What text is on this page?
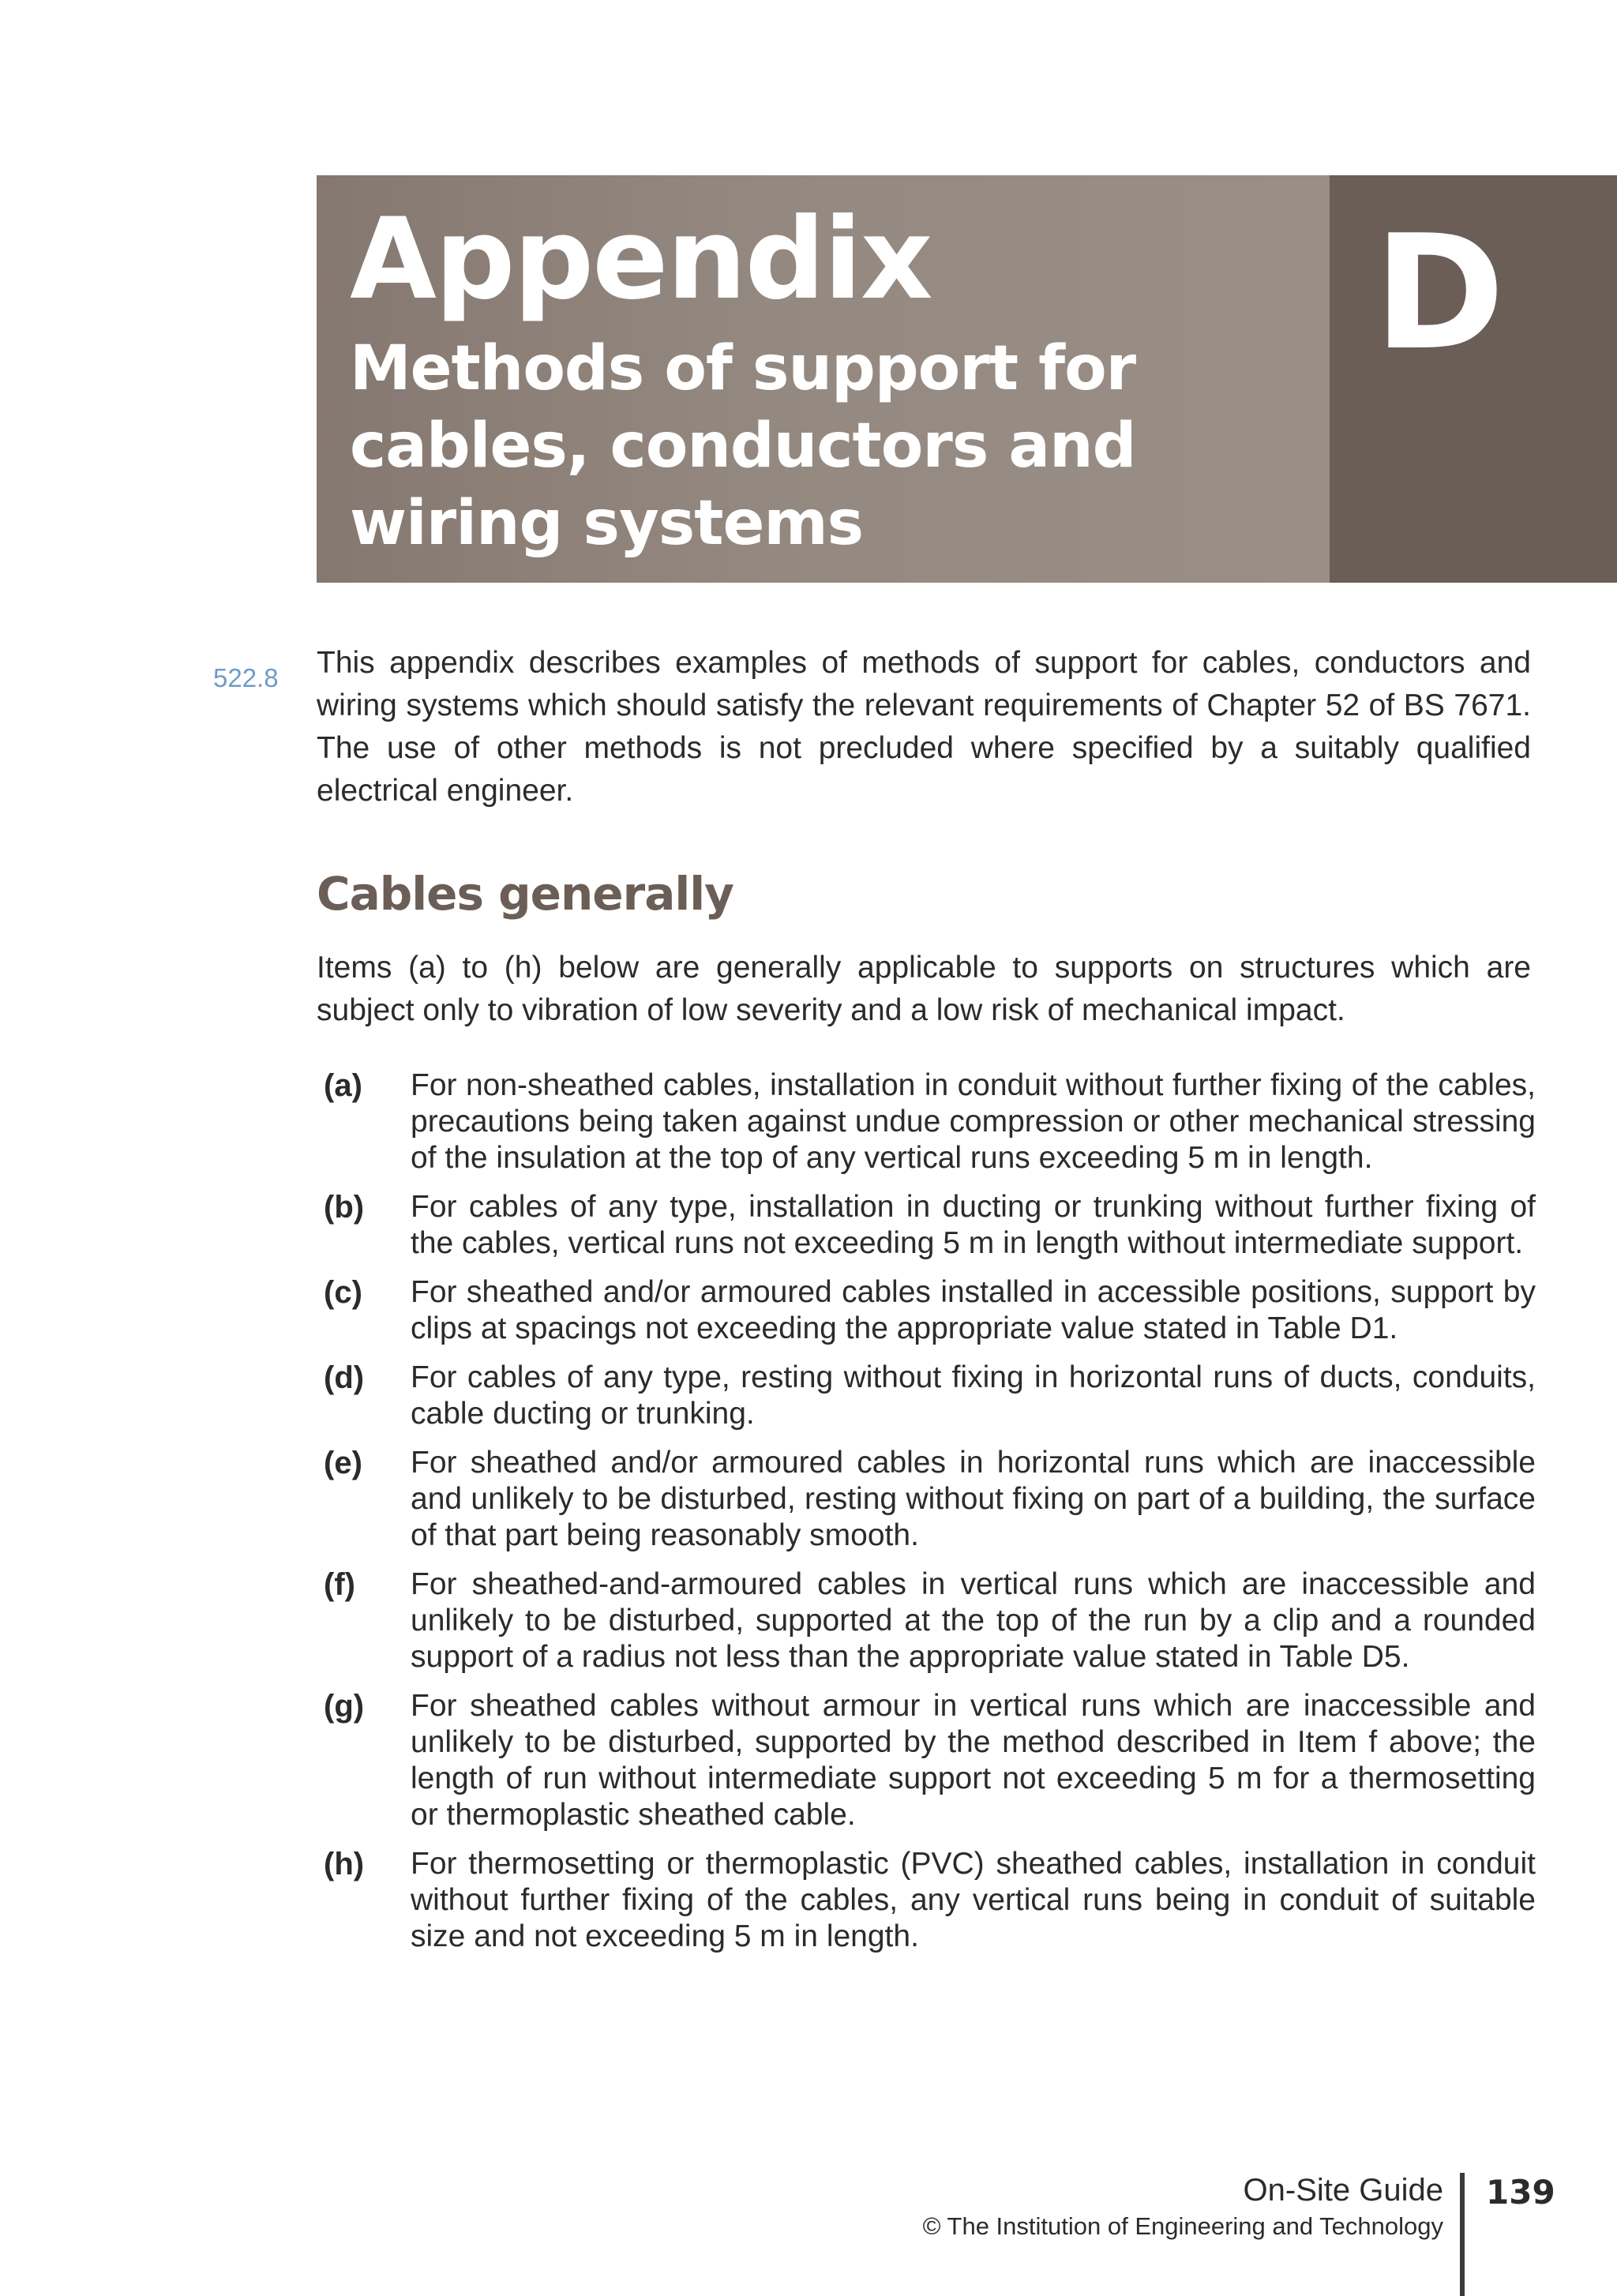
Appendix
Methods of support for cables, conductors and wiring systems
D
522.8 This appendix describes examples of methods of support for cables, conductors and wiring systems which should satisfy the relevant requirements of Chapter 52 of BS 7671. The use of other methods is not precluded where specified by a suitably qualified electrical engineer.
Cables generally
Items (a) to (h) below are generally applicable to supports on structures which are subject only to vibration of low severity and a low risk of mechanical impact.
(a)	For non-sheathed cables, installation in conduit without further fixing of the cables, precautions being taken against undue compression or other mechanical stressing of the insulation at the top of any vertical runs exceeding 5 m in length.
(b)	For cables of any type, installation in ducting or trunking without further fixing of the cables, vertical runs not exceeding 5 m in length without intermediate support.
(c)	For sheathed and/or armoured cables installed in accessible positions, support by clips at spacings not exceeding the appropriate value stated in Table D1.
(d)	For cables of any type, resting without fixing in horizontal runs of ducts, conduits, cable ducting or trunking.
(e)	For sheathed and/or armoured cables in horizontal runs which are inaccessible and unlikely to be disturbed, resting without fixing on part of a building, the surface of that part being reasonably smooth.
(f)	For sheathed-and-armoured cables in vertical runs which are inaccessible and unlikely to be disturbed, supported at the top of the run by a clip and a rounded support of a radius not less than the appropriate value stated in Table D5.
(g)	For sheathed cables without armour in vertical runs which are inaccessible and unlikely to be disturbed, supported by the method described in Item f above; the length of run without intermediate support not exceeding 5 m for a thermosetting or thermoplastic sheathed cable.
(h)	For thermosetting or thermoplastic (PVC) sheathed cables, installation in conduit without further fixing of the cables, any vertical runs being in conduit of suitable size and not exceeding 5 m in length.
On-Site Guide
© The Institution of Engineering and Technology
139
